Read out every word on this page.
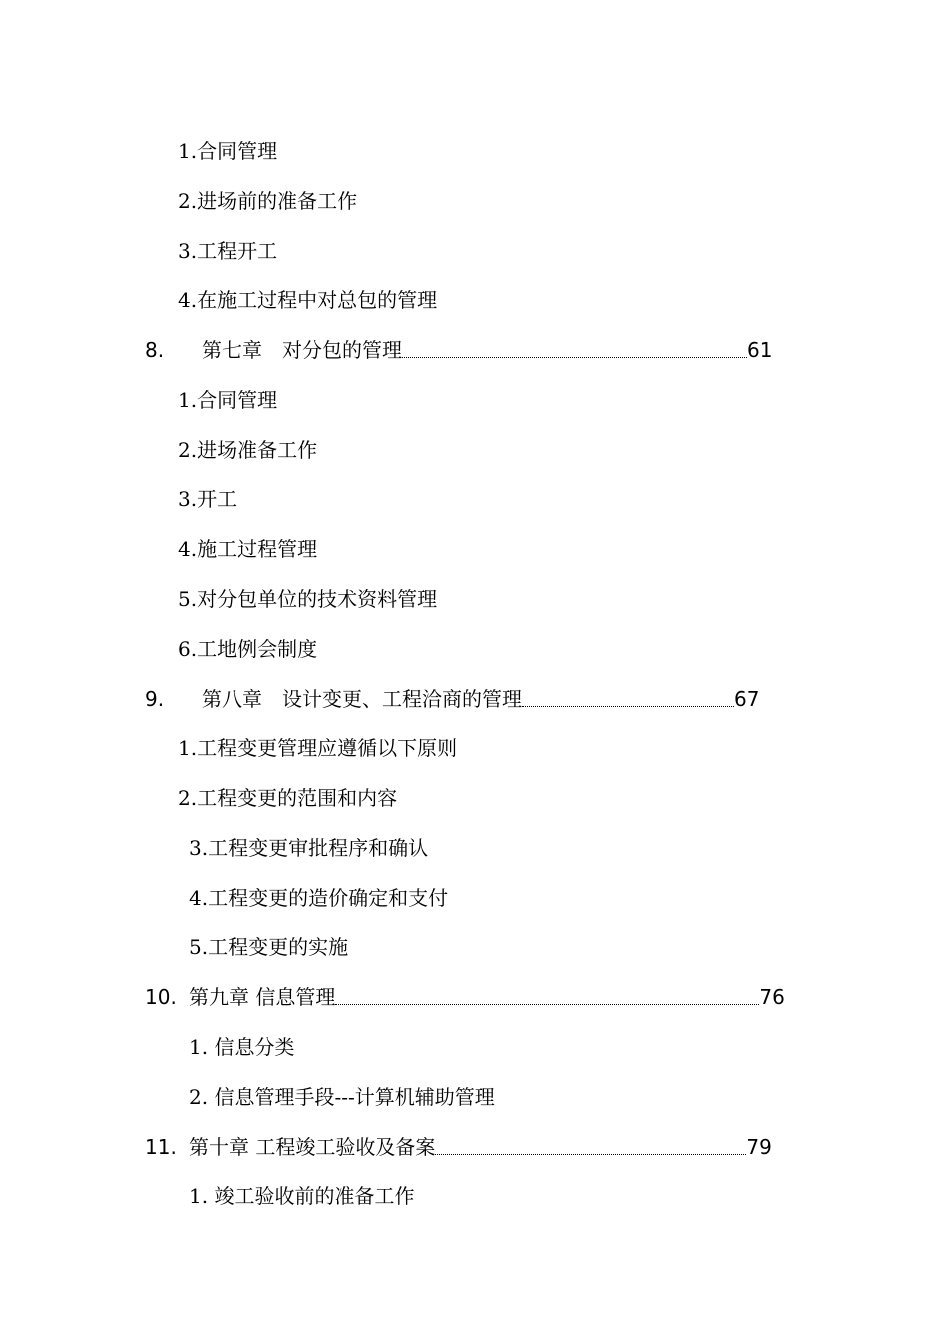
1.合同管理
2.进场前的准备工作
3.工程开工
4.在施工过程中对总包的管理
8.	第七章　对分包的管理	61
1.合同管理
2.进场准备工作
3.开工
4.施工过程管理
5.对分包单位的技术资料管理
6.工地例会制度
9.	第八章　设计变更、工程洽商的管理	67
1.工程变更管理应遵循以下原则
2.工程变更的范围和内容
3.工程变更审批程序和确认
4.工程变更的造价确定和支付
5.工程变更的实施
10. 第九章 信息管理	76
1. 信息分类
2. 信息管理手段---计算机辅助管理
11. 第十章 工程竣工验收及备案	79
1. 竣工验收前的准备工作
